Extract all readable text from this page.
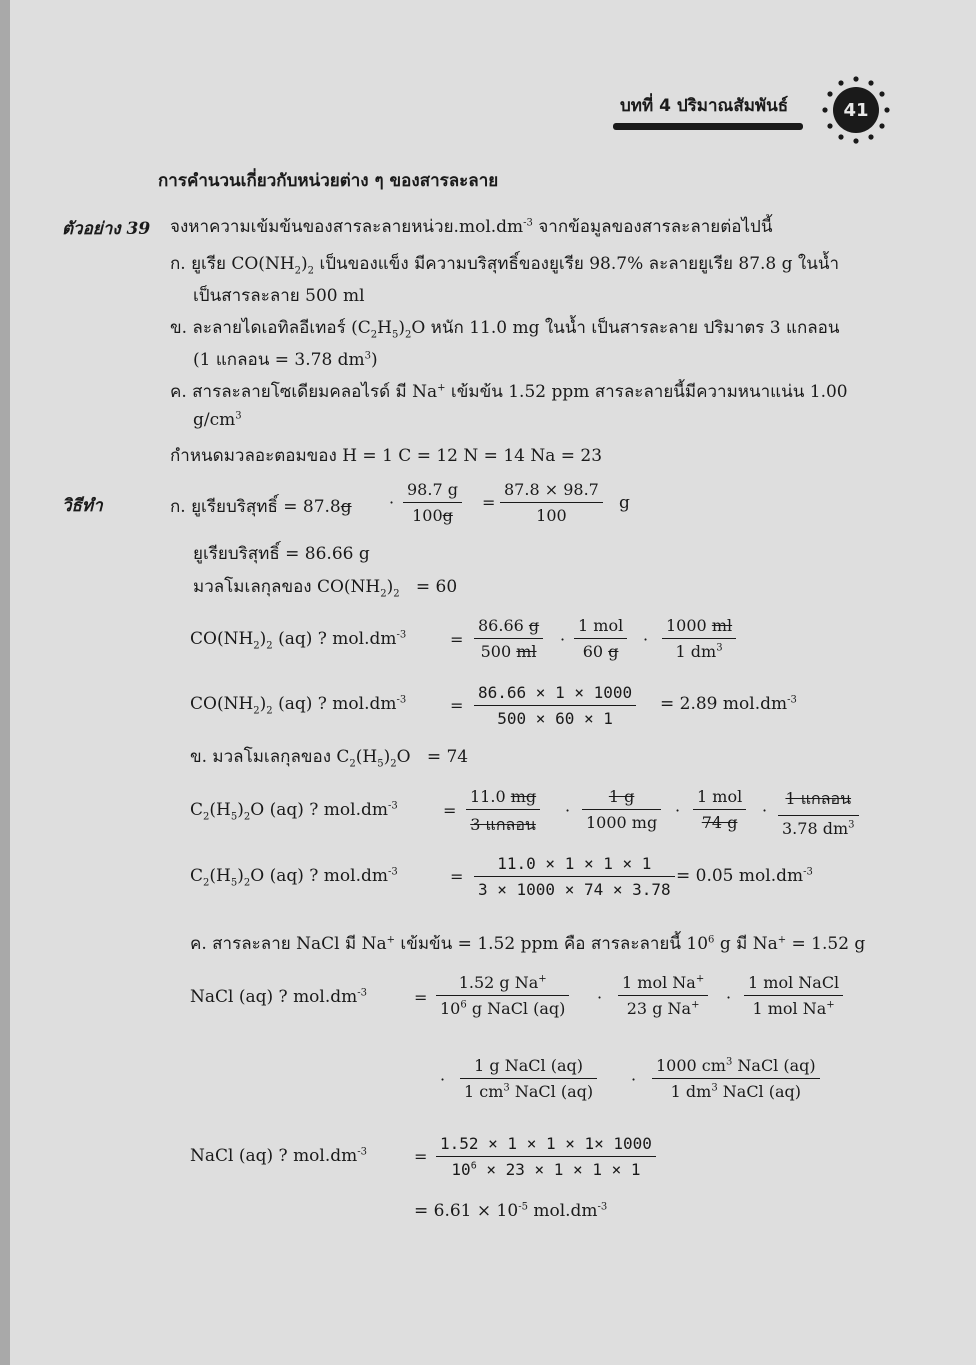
บทที่ 4 ปริมาณสัมพันธ์	41
การคำนวนเกี่ยวกับหน่วยต่าง ๆ ของสารละลาย
ตัวอย่าง 39 จงหาความเข้มข้นของสารละลายหน่วย$.mol.dm^{-3}$ จากข้อมูลของสารละลายต่อไปนี้
ก. ยูเรีย $CO(NH_2)_2$ เป็นของแข็ง มีความบริสุทธิ์ของยูเรีย 98.7% ละลายยูเรีย 87.8 g ในน้ำ
เป็นสารละลาย 500 ml
ข. ละลายไดเอทิลอีเทอร์ $(C_2H_5)_2O$ หนัก 11.0 mg ในน้ำ เป็นสารละลาย ปริมาตร 3 แกลอน
(1 แกลอน = 3.78 $dm^3$)
ค. สารละลายโซเดียมคลอไรด์ มี Na+ เข้มข้น 1.52 ppm สารละลายนี้มีความหนาแน่น 1.00
$g/cm^3$
กำหนดมวลอะตอมของ H = 1 C = 12 N = 14 Na = 23
วิธีทำ	ก. ยูเรียบริสุทธิ์ = 87.8g ·
98.7 g
100g
=
87.8 × 98.7
100
g
ยูเรียบริสุทธิ์ = 86.66 g
มวลโมเลกุลของ $CO(NH_2)_2 = 60$
$CO(NH_2)_2$ (aq) ? $mol.dm^{-3}$	=
86.66 g
500 ml
·
1 mol
60 g
·
1000 ml
1 $dm^3$
$CO(NH_2)_2$ (aq) ? $mol.dm^{-3}$	=
86.66 × 1 × 1000
500 × 60 × 1
= 2.89 $mol.dm^{-3}$
ข. มวลโมเลกุลของ $C_2(H_5)_2O = 74$
$C_2(H_5)_2O$ (aq) ? $mol.dm^{-3}$	=
11.0 mg
3 แกลอน
·
1 g
1000 mg
·
1 mol
74 g
·
1 แกลอน
3.78 $dm^3$
$C_2(H_5)_2O$ (aq) ? $mol.dm^{-3}$	=
11.0 × 1 × 1 × 1
3 × 1000 × 74 × 3.78
= 0.05 $mol.dm^{-3}$
ค. สารละลาย NaCl มี Na+ เข้มข้น = 1.52 ppm คือ สารละลายนี้ $10^6$ g มี Na+ = 1.52 g
NaCl (aq) ? $mol.dm^{-3}$	=
1.52 g Na+
$10^6$ g NaCl (aq)
·
1 mol Na+
23 g Na+ ·
1 mol NaCl
1 mol Na+
·
1 g NaCl (aq)
1 $cm^3$ NaCl (aq)
·
1000 $cm^3$ NaCl (aq)
1 $dm^3$ NaCl (aq)
NaCl (aq) ? $mol.dm^{-3}$	=
1.52 × 1 × 1 × 1× 1000
$10^6 \times 23 \times 1 \times 1 \times 1$
= $6.61 \times 10^{-5}$ $mol.dm^{-3}$
